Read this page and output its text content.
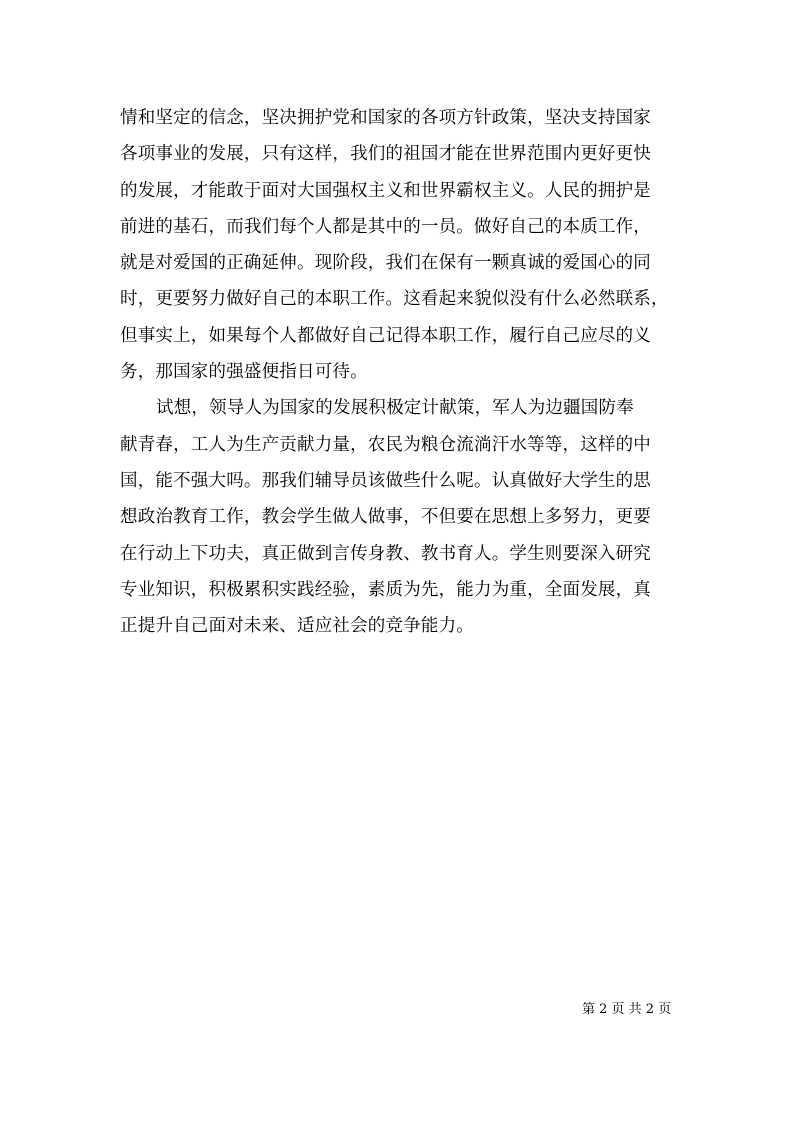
情和坚定的信念，坚决拥护党和国家的各项方针政策，坚决支持国家
各项事业的发展，只有这样，我们的祖国才能在世界范围内更好更快
的发展，才能敢于面对大国强权主义和世界霸权主义。人民的拥护是
前进的基石，而我们每个人都是其中的一员。做好自己的本质工作，
就是对爱国的正确延伸。现阶段，我们在保有一颗真诚的爱国心的同
时，更要努力做好自己的本职工作。这看起来貌似没有什么必然联系，
但事实上，如果每个人都做好自己记得本职工作，履行自己应尽的义
务，那国家的强盛便指日可待。
试想，领导人为国家的发展积极定计献策，军人为边疆国防奉
献青春，工人为生产贡献力量，农民为粮仓流淌汗水等等，这样的中
国，能不强大吗。那我们辅导员该做些什么呢。认真做好大学生的思
想政治教育工作，教会学生做人做事，不但要在思想上多努力，更要
在行动上下功夫，真正做到言传身教、教书育人。学生则要深入研究
专业知识，积极累积实践经验，素质为先，能力为重，全面发展，真
正提升自己面对未来、适应社会的竞争能力。
第 2 页 共 2 页
